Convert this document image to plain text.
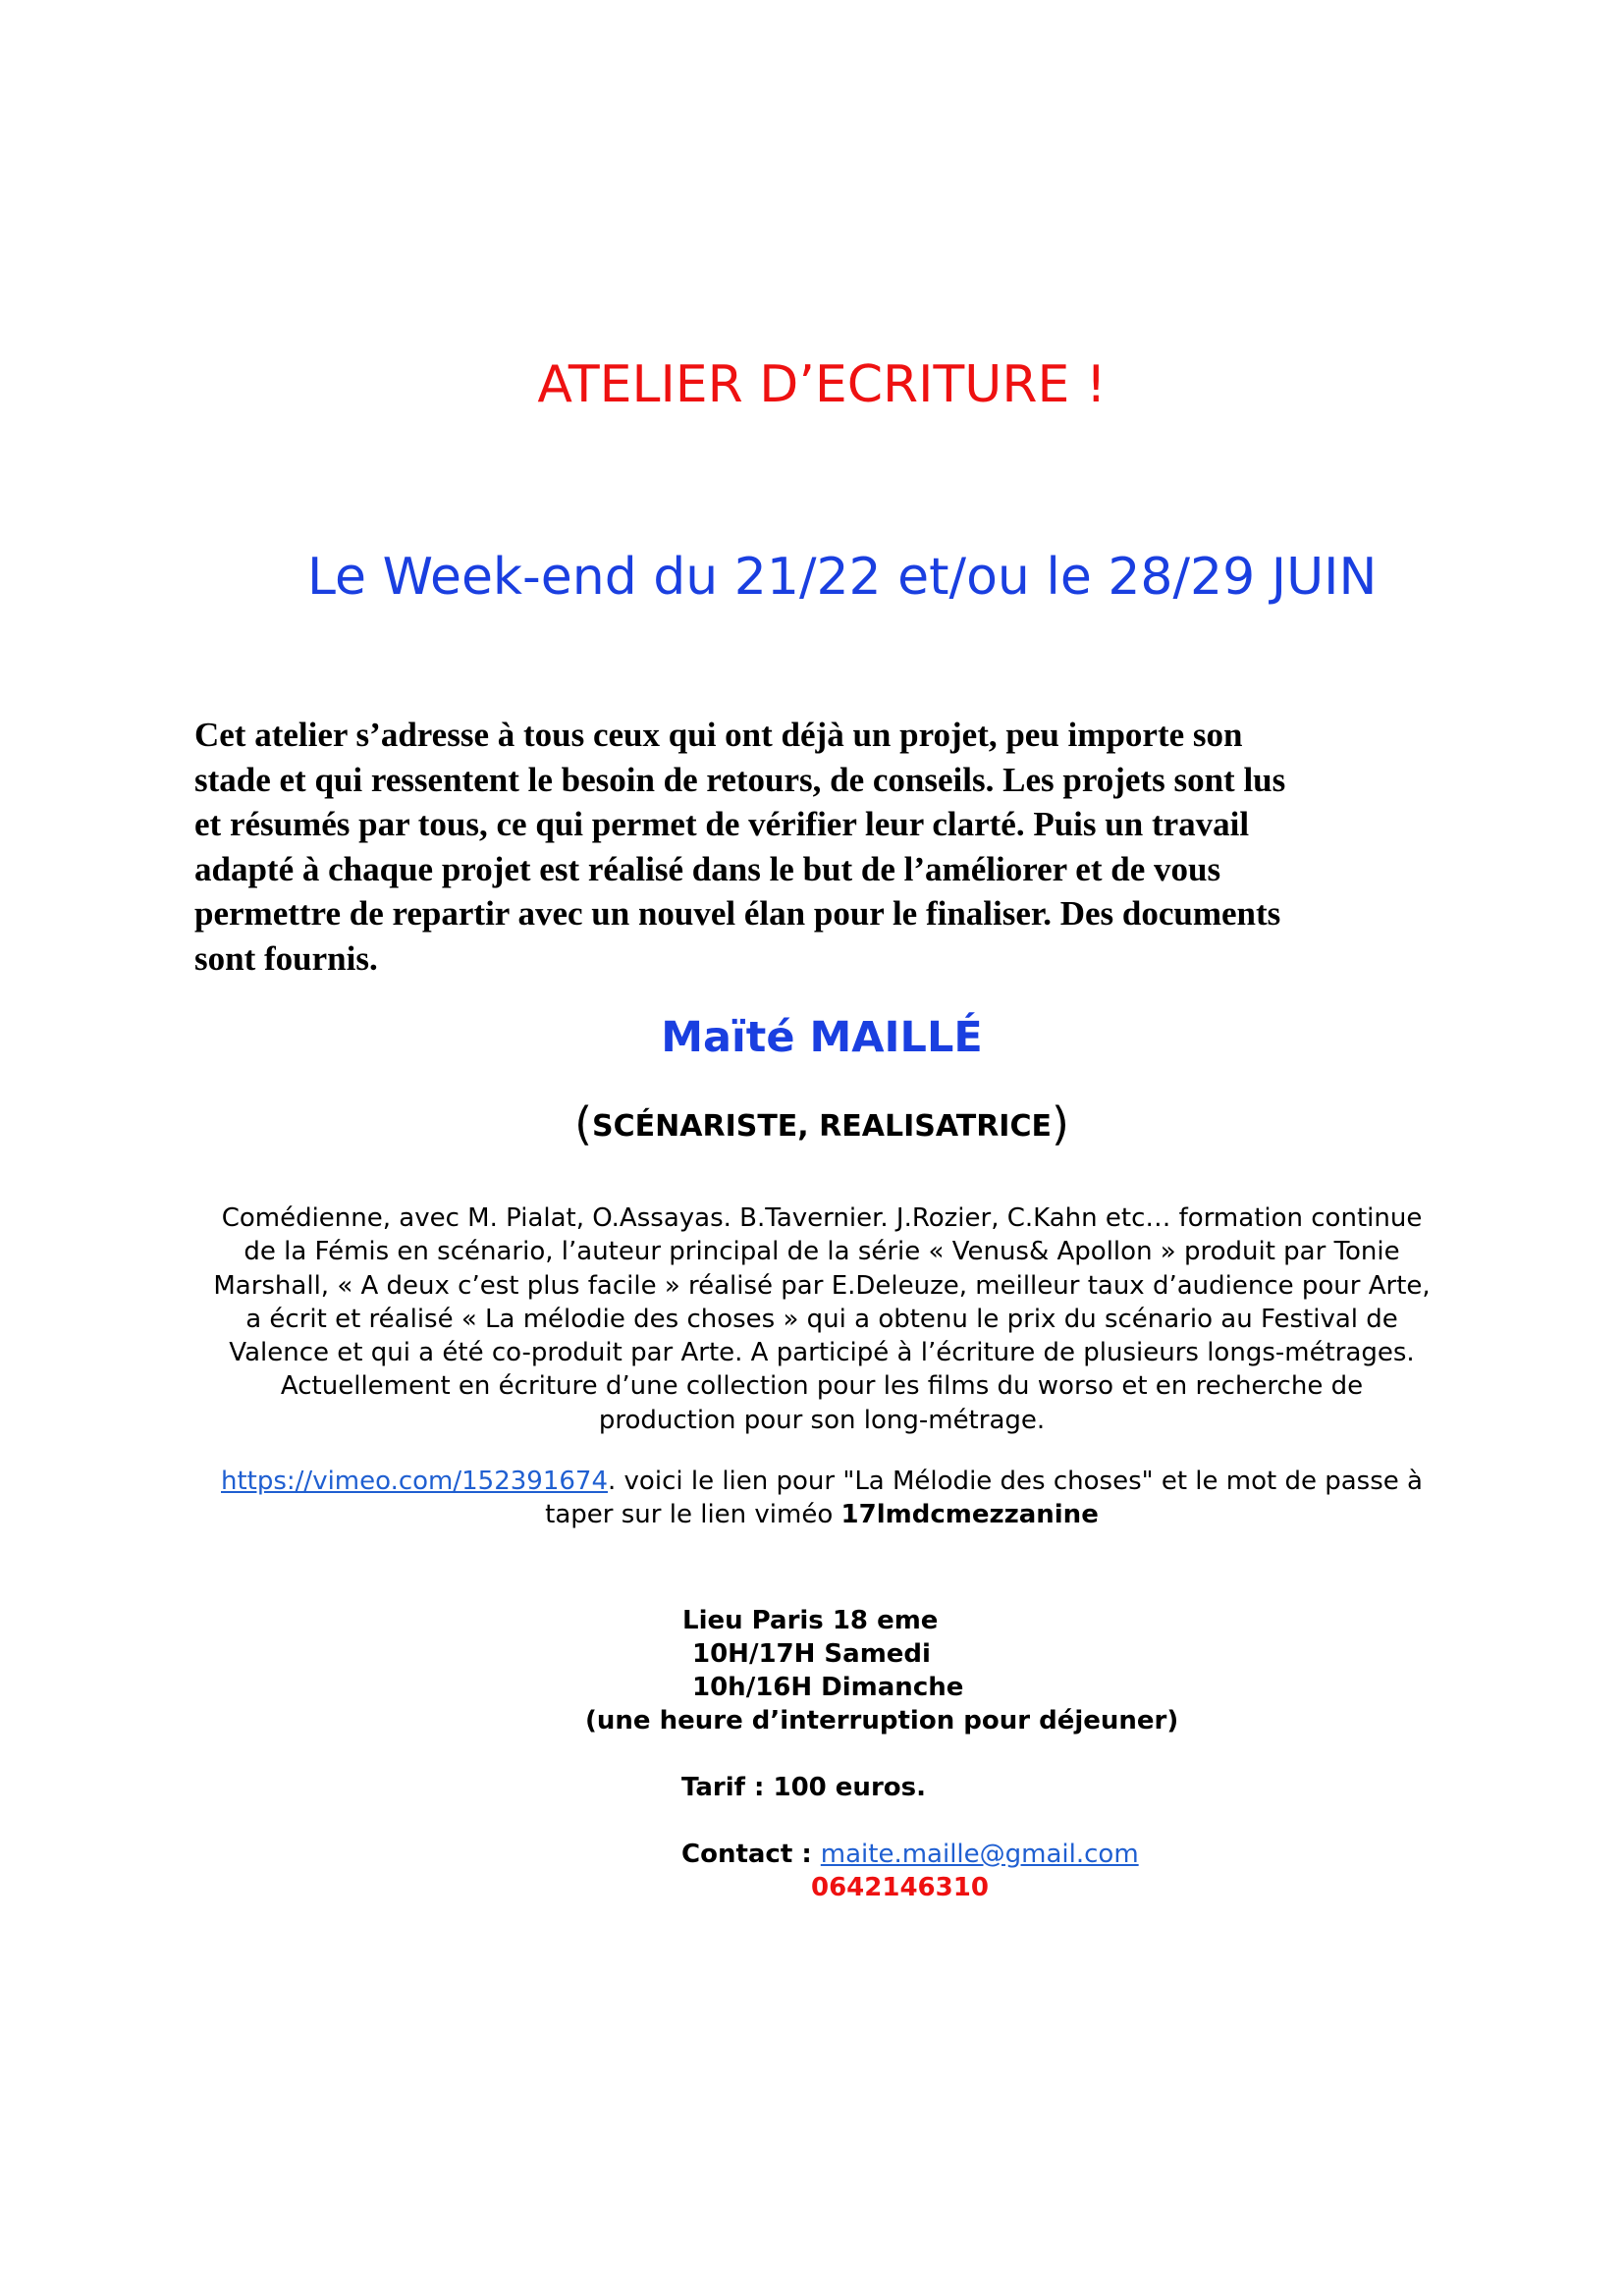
ATELIER D’ECRITURE !
Le Week-end du 21/22 et/ou le 28/29 JUIN
Cet atelier s’adresse à tous ceux qui ont déjà un projet, peu importe son
stade et qui ressentent le besoin de retours, de conseils. Les projets sont lus
et résumés par tous, ce qui permet de vérifier leur clarté. Puis un travail
adapté à chaque projet est réalisé dans le but de l’améliorer et de vous
permettre de repartir avec un nouvel élan pour le finaliser. Des documents
sont fournis.
Maïté MAILLÉ
(SCÉNARISTE, REALISATRICE)
Comédienne, avec M. Pialat, O.Assayas. B.Tavernier. J.Rozier, C.Kahn etc… formation continue
de la Fémis en scénario, l’auteur principal de la série « Venus& Apollon » produit par Tonie
Marshall, « A deux c’est plus facile » réalisé par E.Deleuze, meilleur taux d’audience pour Arte,
a écrit et réalisé « La mélodie des choses » qui a obtenu le prix du scénario au Festival de
Valence et qui a été co-produit par Arte. A participé à l’écriture de plusieurs longs-métrages.
Actuellement en écriture d’une collection pour les films du worso et en recherche de
production pour son long-métrage.
https://vimeo.com/152391674. voici le lien pour "La Mélodie des choses" et le mot de passe à
taper sur le lien viméo 17lmdcmezzanine
Lieu Paris 18 eme
10H/17H Samedi
10h/16H Dimanche
(une heure d’interruption pour déjeuner)
Tarif : 100 euros.
Contact : maite.maille@gmail.com
0642146310
